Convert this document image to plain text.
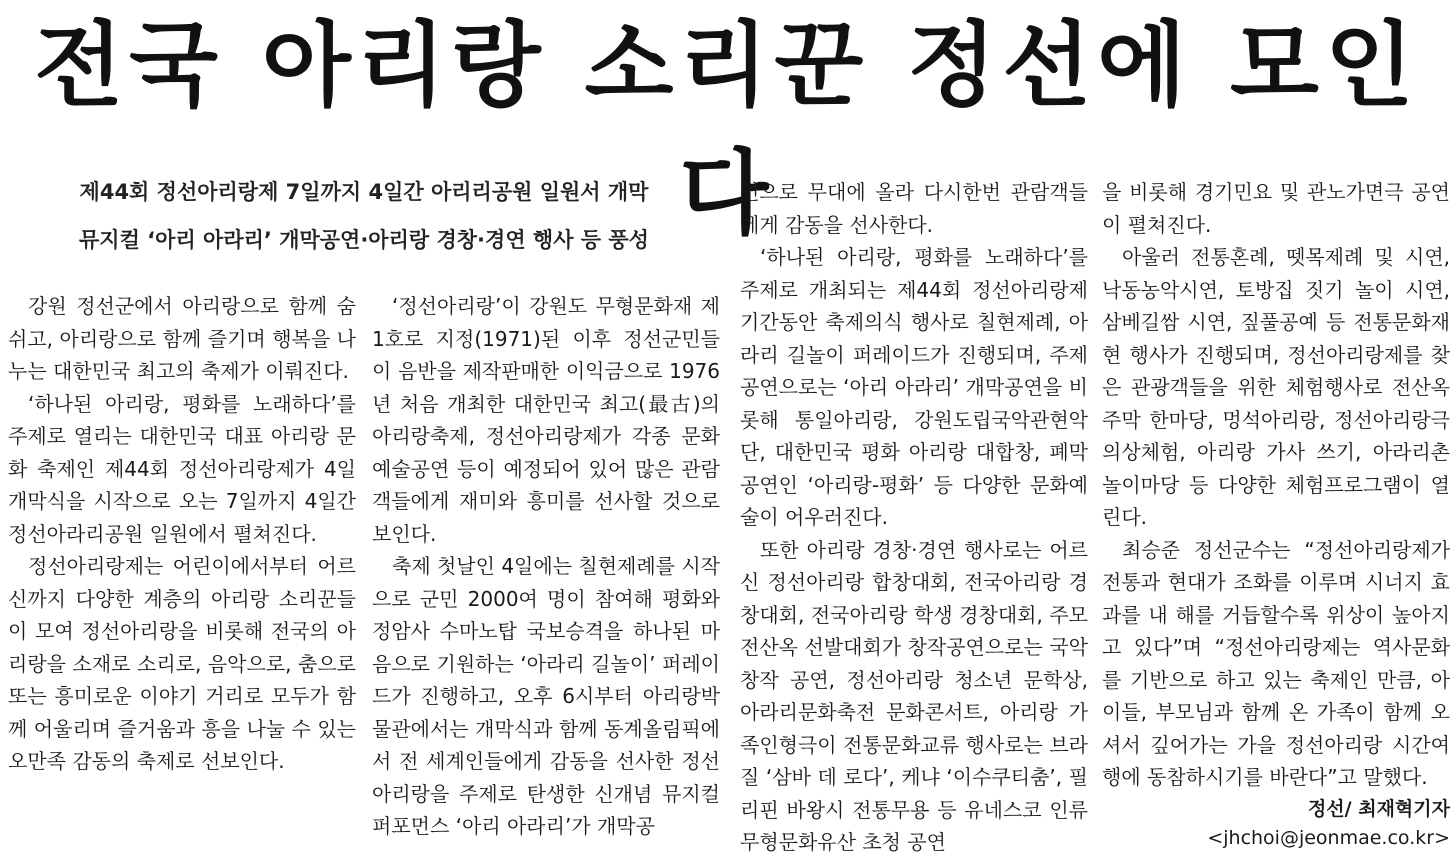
전국 아리랑 소리꾼 정선에 모인다
제44회 정선아리랑제 7일까지 4일간 아리리공원 일원서 개막
뮤지컬 ‘아리 아라리’ 개막공연·아리랑 경창·경연 행사 등 풍성

강원 정선군에서 아리랑으로 함께 숨 쉬고, 아리랑으로 함께 즐기며 행복을 나누는 대한민국 최고의 축제가 이뤄진다.

‘하나된 아리랑, 평화를 노래하다’를 주제로 열리는 대한민국 대표 아리랑 문화 축제인 제44회 정선아리랑제가 4일 개막식을 시작으로 오는 7일까지 4일간 정선아라리공원 일원에서 펼쳐진다.

정선아리랑제는 어린이에서부터 어르신까지 다양한 계층의 아리랑 소리꾼들이 모여 정선아리랑을 비롯해 전국의 아리랑을 소재로 소리로, 음악으로, 춤으로 또는 흥미로운 이야기 거리로 모두가 함께 어울리며 즐거움과 흥을 나눌 수 있는 오만족 감동의 축제로 선보인다.

‘정선아리랑’이 강원도 무형문화재 제1호로 지정(1971)된 이후 정선군민들이 음반을 제작판매한 이익금으로 1976년 처음 개최한 대한민국 최고(最古)의 아리랑축제, 정선아리랑제가 각종 문화예술공연 등이 예정되어 있어 많은 관람객들에게 재미와 흥미를 선사할 것으로 보인다.

축제 첫날인 4일에는 칠현제례를 시작으로 군민 2000여 명이 참여해 평화와 정암사 수마노탑 국보승격을 하나된 마음으로 기원하는 ‘아라리 길놀이’ 퍼레이드가 진행하고, 오후 6시부터 아리랑박물관에서는 개막식과 함께 동계올림픽에서 전 세계인들에게 감동을 선사한 정선아리랑을 주제로 탄생한 신개념 뮤지컬 퍼포먼스 ‘아리 아라리’가 개막공

연으로 무대에 올라 다시한번 관람객들에게 감동을 선사한다.

‘하나된 아리랑, 평화를 노래하다’를 주제로 개최되는 제44회 정선아리랑제 기간동안 축제의식 행사로 칠현제례, 아라리 길놀이 퍼레이드가 진행되며, 주제공연으로는 ‘아리 아라리’ 개막공연을 비롯해 통일아리랑, 강원도립국악관현악단, 대한민국 평화 아리랑 대합창, 폐막공연인 ‘아리랑-평화’ 등 다양한 문화예술이 어우러진다.

또한 아리랑 경창·경연 행사로는 어르신 정선아리랑 합창대회, 전국아리랑 경창대회, 전국아리랑 학생 경창대회, 주모 전산옥 선발대회가 창작공연으로는 국악 창작 공연, 정선아리랑 청소년 문학상, 아라리문화축전 문화콘서트, 아리랑 가족인형극이 전통문화교류 행사로는 브라질 ‘삼바 데 로다’, 케냐 ‘이수쿠티춤’, 필리핀 바왕시 전통무용 등 유네스코 인류무형문화유산 초청 공연

을 비롯해 경기민요 및 관노가면극 공연이 펼쳐진다.

아울러 전통혼례, 뗏목제례 및 시연, 낙동농악시연, 토방집 짓기 놀이 시연, 삼베길쌈 시연, 짚풀공예 등 전통문화재현 행사가 진행되며, 정선아리랑제를 찾은 관광객들을 위한 체험행사로 전산옥 주막 한마당, 멍석아리랑, 정선아리랑극 의상체험, 아리랑 가사 쓰기, 아라리촌 놀이마당 등 다양한 체험프로그램이 열린다.

최승준 정선군수는 “정선아리랑제가 전통과 현대가 조화를 이루며 시너지 효과를 내 해를 거듭할수록 위상이 높아지고 있다”며 “정선아리랑제는 역사문화를 기반으로 하고 있는 축제인 만큼, 아이들, 부모님과 함께 온 가족이 함께 오셔서 깊어가는 가을 정선아리랑 시간여행에 동참하시기를 바란다”고 말했다.

정선/ 최재혁기자
<jhchoi@jeonmae.co.kr>
